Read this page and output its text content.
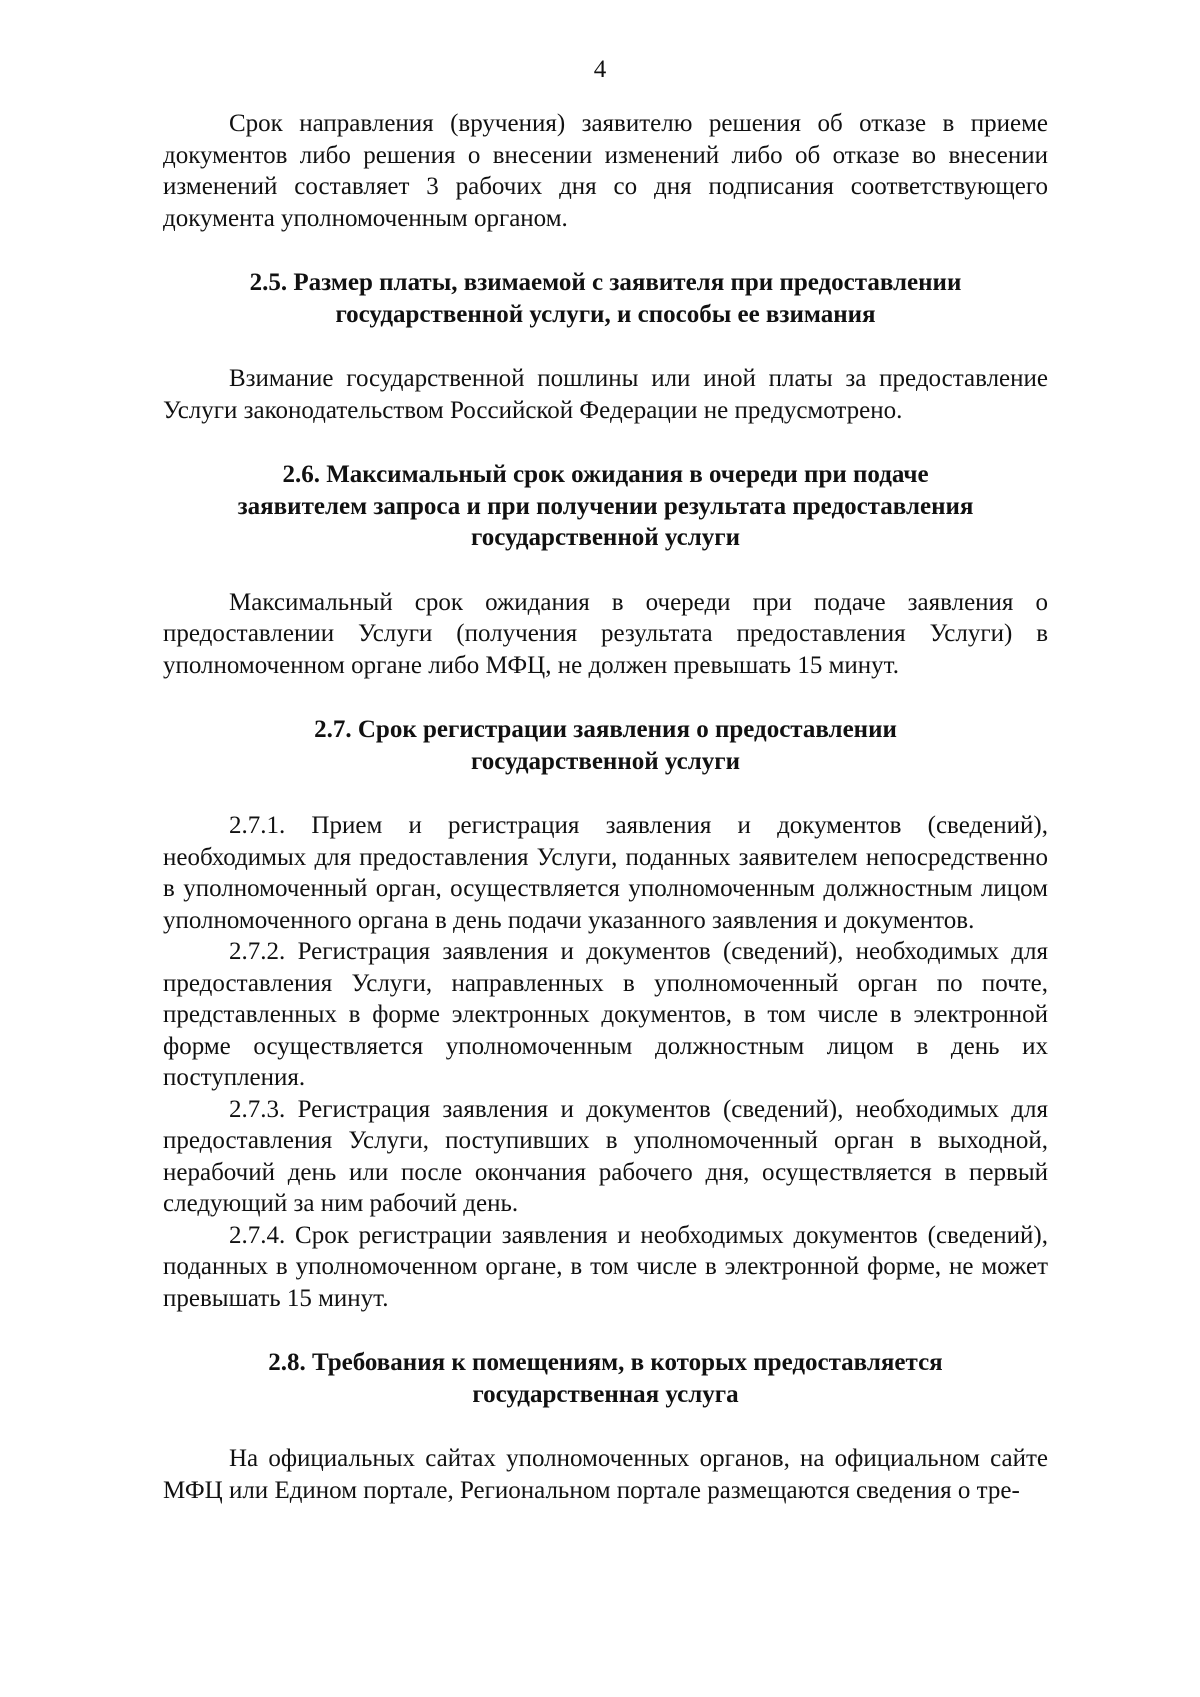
4

Срок направления (вручения) заявителю решения об отказе в приеме документов либо решения о внесении изменений либо об отказе во внесении изменений составляет 3 рабочих дня со дня подписания соответствующего документа уполномоченным органом.

2.5. Размер платы, взимаемой с заявителя при предоставлении государственной услуги, и способы ее взимания

Взимание государственной пошлины или иной платы за предоставление Услуги законодательством Российской Федерации не предусмотрено.

2.6. Максимальный срок ожидания в очереди при подаче заявителем запроса и при получении результата предоставления государственной услуги

Максимальный срок ожидания в очереди при подаче заявления о предоставлении Услуги (получения результата предоставления Услуги) в уполномоченном органе либо МФЦ, не должен превышать 15 минут.

2.7. Срок регистрации заявления о предоставлении государственной услуги

2.7.1. Прием и регистрация заявления и документов (сведений), необходимых для предоставления Услуги, поданных заявителем непосредственно в уполномоченный орган, осуществляется уполномоченным должностным лицом уполномоченного органа в день подачи указанного заявления и документов.

2.7.2. Регистрация заявления и документов (сведений), необходимых для предоставления Услуги, направленных в уполномоченный орган по почте, представленных в форме электронных документов, в том числе в электронной форме осуществляется уполномоченным должностным лицом в день их поступления.

2.7.3. Регистрация заявления и документов (сведений), необходимых для предоставления Услуги, поступивших в уполномоченный орган в выходной, нерабочий день или после окончания рабочего дня, осуществляется в первый следующий за ним рабочий день.

2.7.4. Срок регистрации заявления и необходимых документов (сведений), поданных в уполномоченном органе, в том числе в электронной форме, не может превышать 15 минут.

2.8. Требования к помещениям, в которых предоставляется государственная услуга

На официальных сайтах уполномоченных органов, на официальном сайте МФЦ или Едином портале, Региональном портале размещаются сведения о тре-
